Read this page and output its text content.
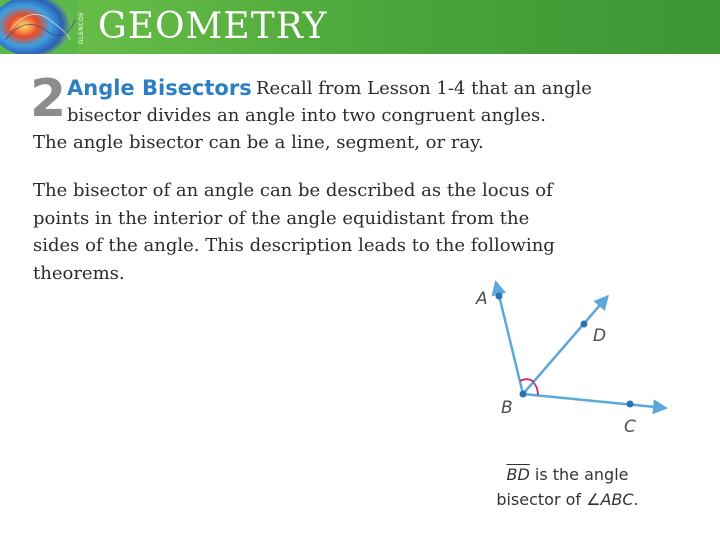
GLENCOE GEOMETRY
2 Angle Bisectors Recall from Lesson 1-4 that an angle
bisector divides an angle into two congruent angles.
The angle bisector can be a line, segment, or ray.
The bisector of an angle can be described as the locus of
points in the interior of the angle equidistant from the
sides of the angle. This description leads to the following
theorems.
A
D
B
C
$\overline{BD}$ is the angle
bisector of ∠ABC.
